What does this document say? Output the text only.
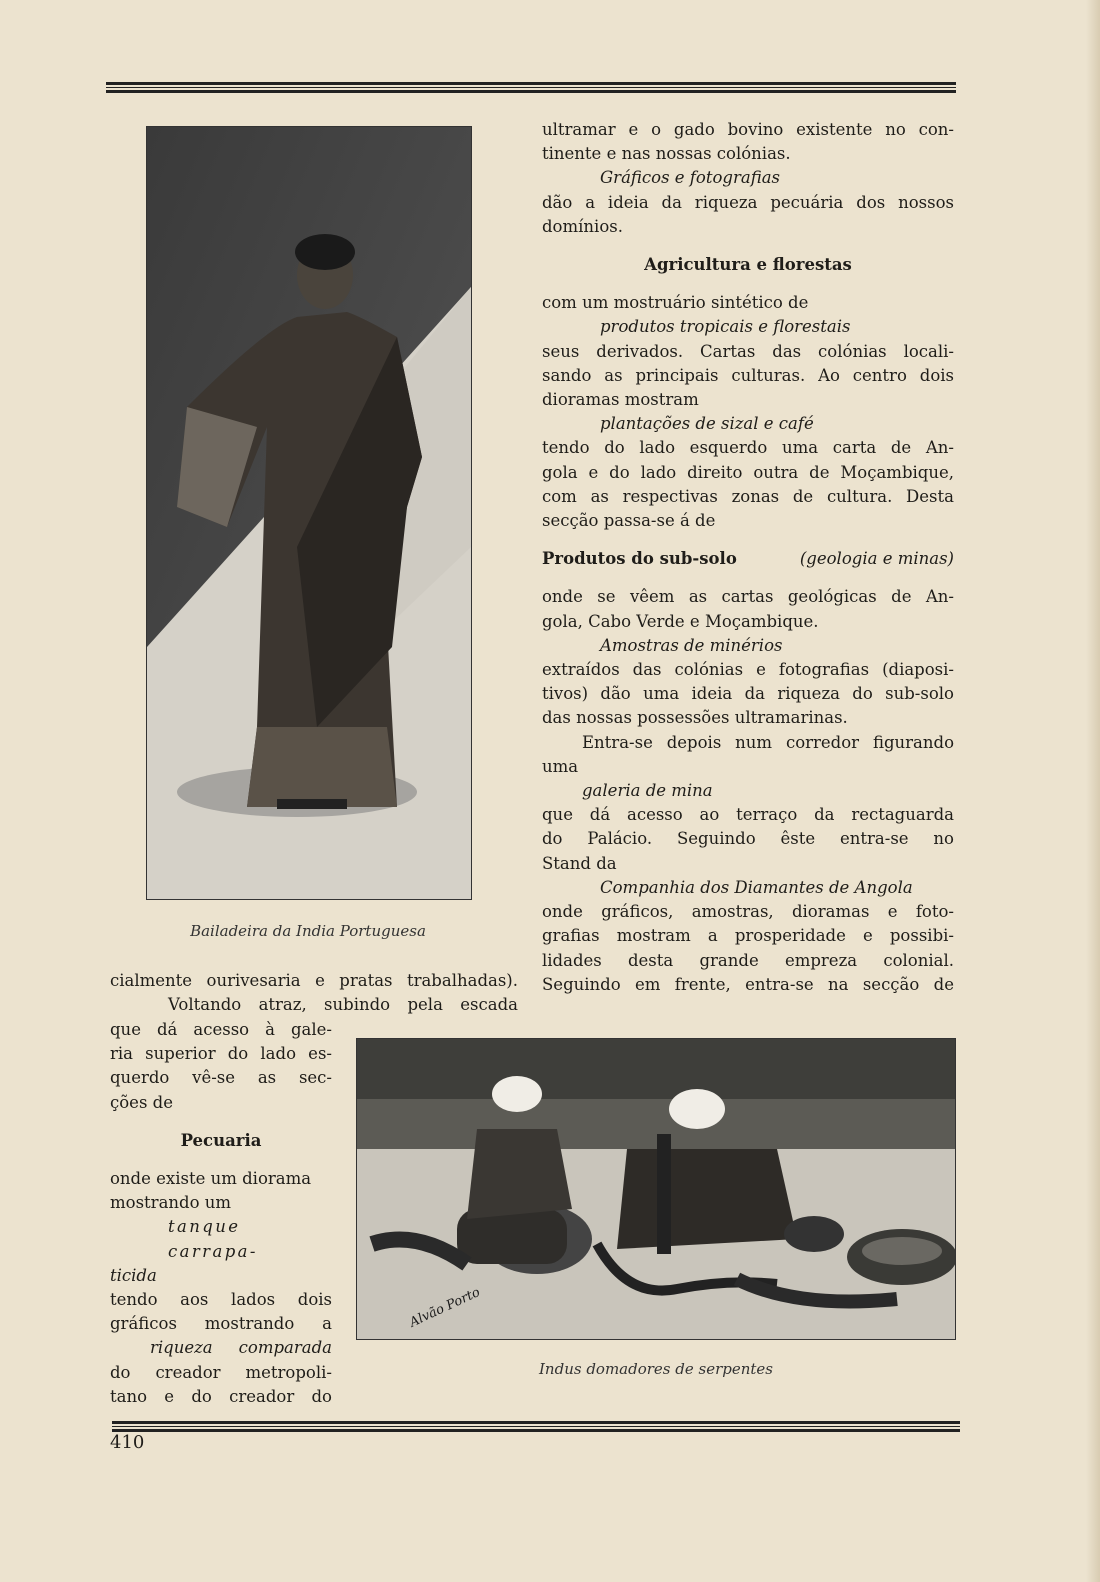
Bailadeira da India Portuguesa

ultramar e o gado bovino existente no con-

tinente e nas nossas colónias.

Gráficos e fotografias

dão a ideia da riqueza pecuária dos nossos

domínios.

Agricultura e florestas

com um mostruário sintético de

produtos tropicais e florestais

seus derivados. Cartas das colónias locali-

sando as principais culturas. Ao centro dois

dioramas mostram

plantações de sizal e café

tendo do lado esquerdo uma carta de An-

gola e do lado direito outra de Moçambique,

com as respectivas zonas de cultura. Desta

secção passa-se á de

Produtos do sub-solo	(geologia e minas)

onde se vêem as cartas geológicas de An-

gola, Cabo Verde e Moçambique.

Amostras de minérios

extraídos das colónias e fotografias (diaposi-

tivos) dão uma ideia da riqueza do sub-solo

das nossas possessões ultramarinas.

Entra-se depois num corredor figurando

uma

galeria de mina

que dá acesso ao terraço da rectaguarda

do Palácio. Seguindo êste entra-se no

Stand da

Companhia dos Diamantes de Angola

onde gráficos, amostras, dioramas e foto-

grafias mostram a prosperidade e possibi-

lidades desta grande empreza colonial.

Seguindo em frente, entra-se na secção de

cialmente ourivesaria e pratas trabalhadas).

Voltando atraz, subindo pela escada

que dá acesso à gale-

ria superior do lado es-

querdo vê-se as sec-

ções de

Pecuaria

onde existe um diorama

mostrando um

tanque carrapa-

ticida

tendo aos lados dois

gráficos mostrando a

riqueza comparada

do creador metropoli-

tano e do creador do

Alvão Porto
Indus domadores de serpentes
410
